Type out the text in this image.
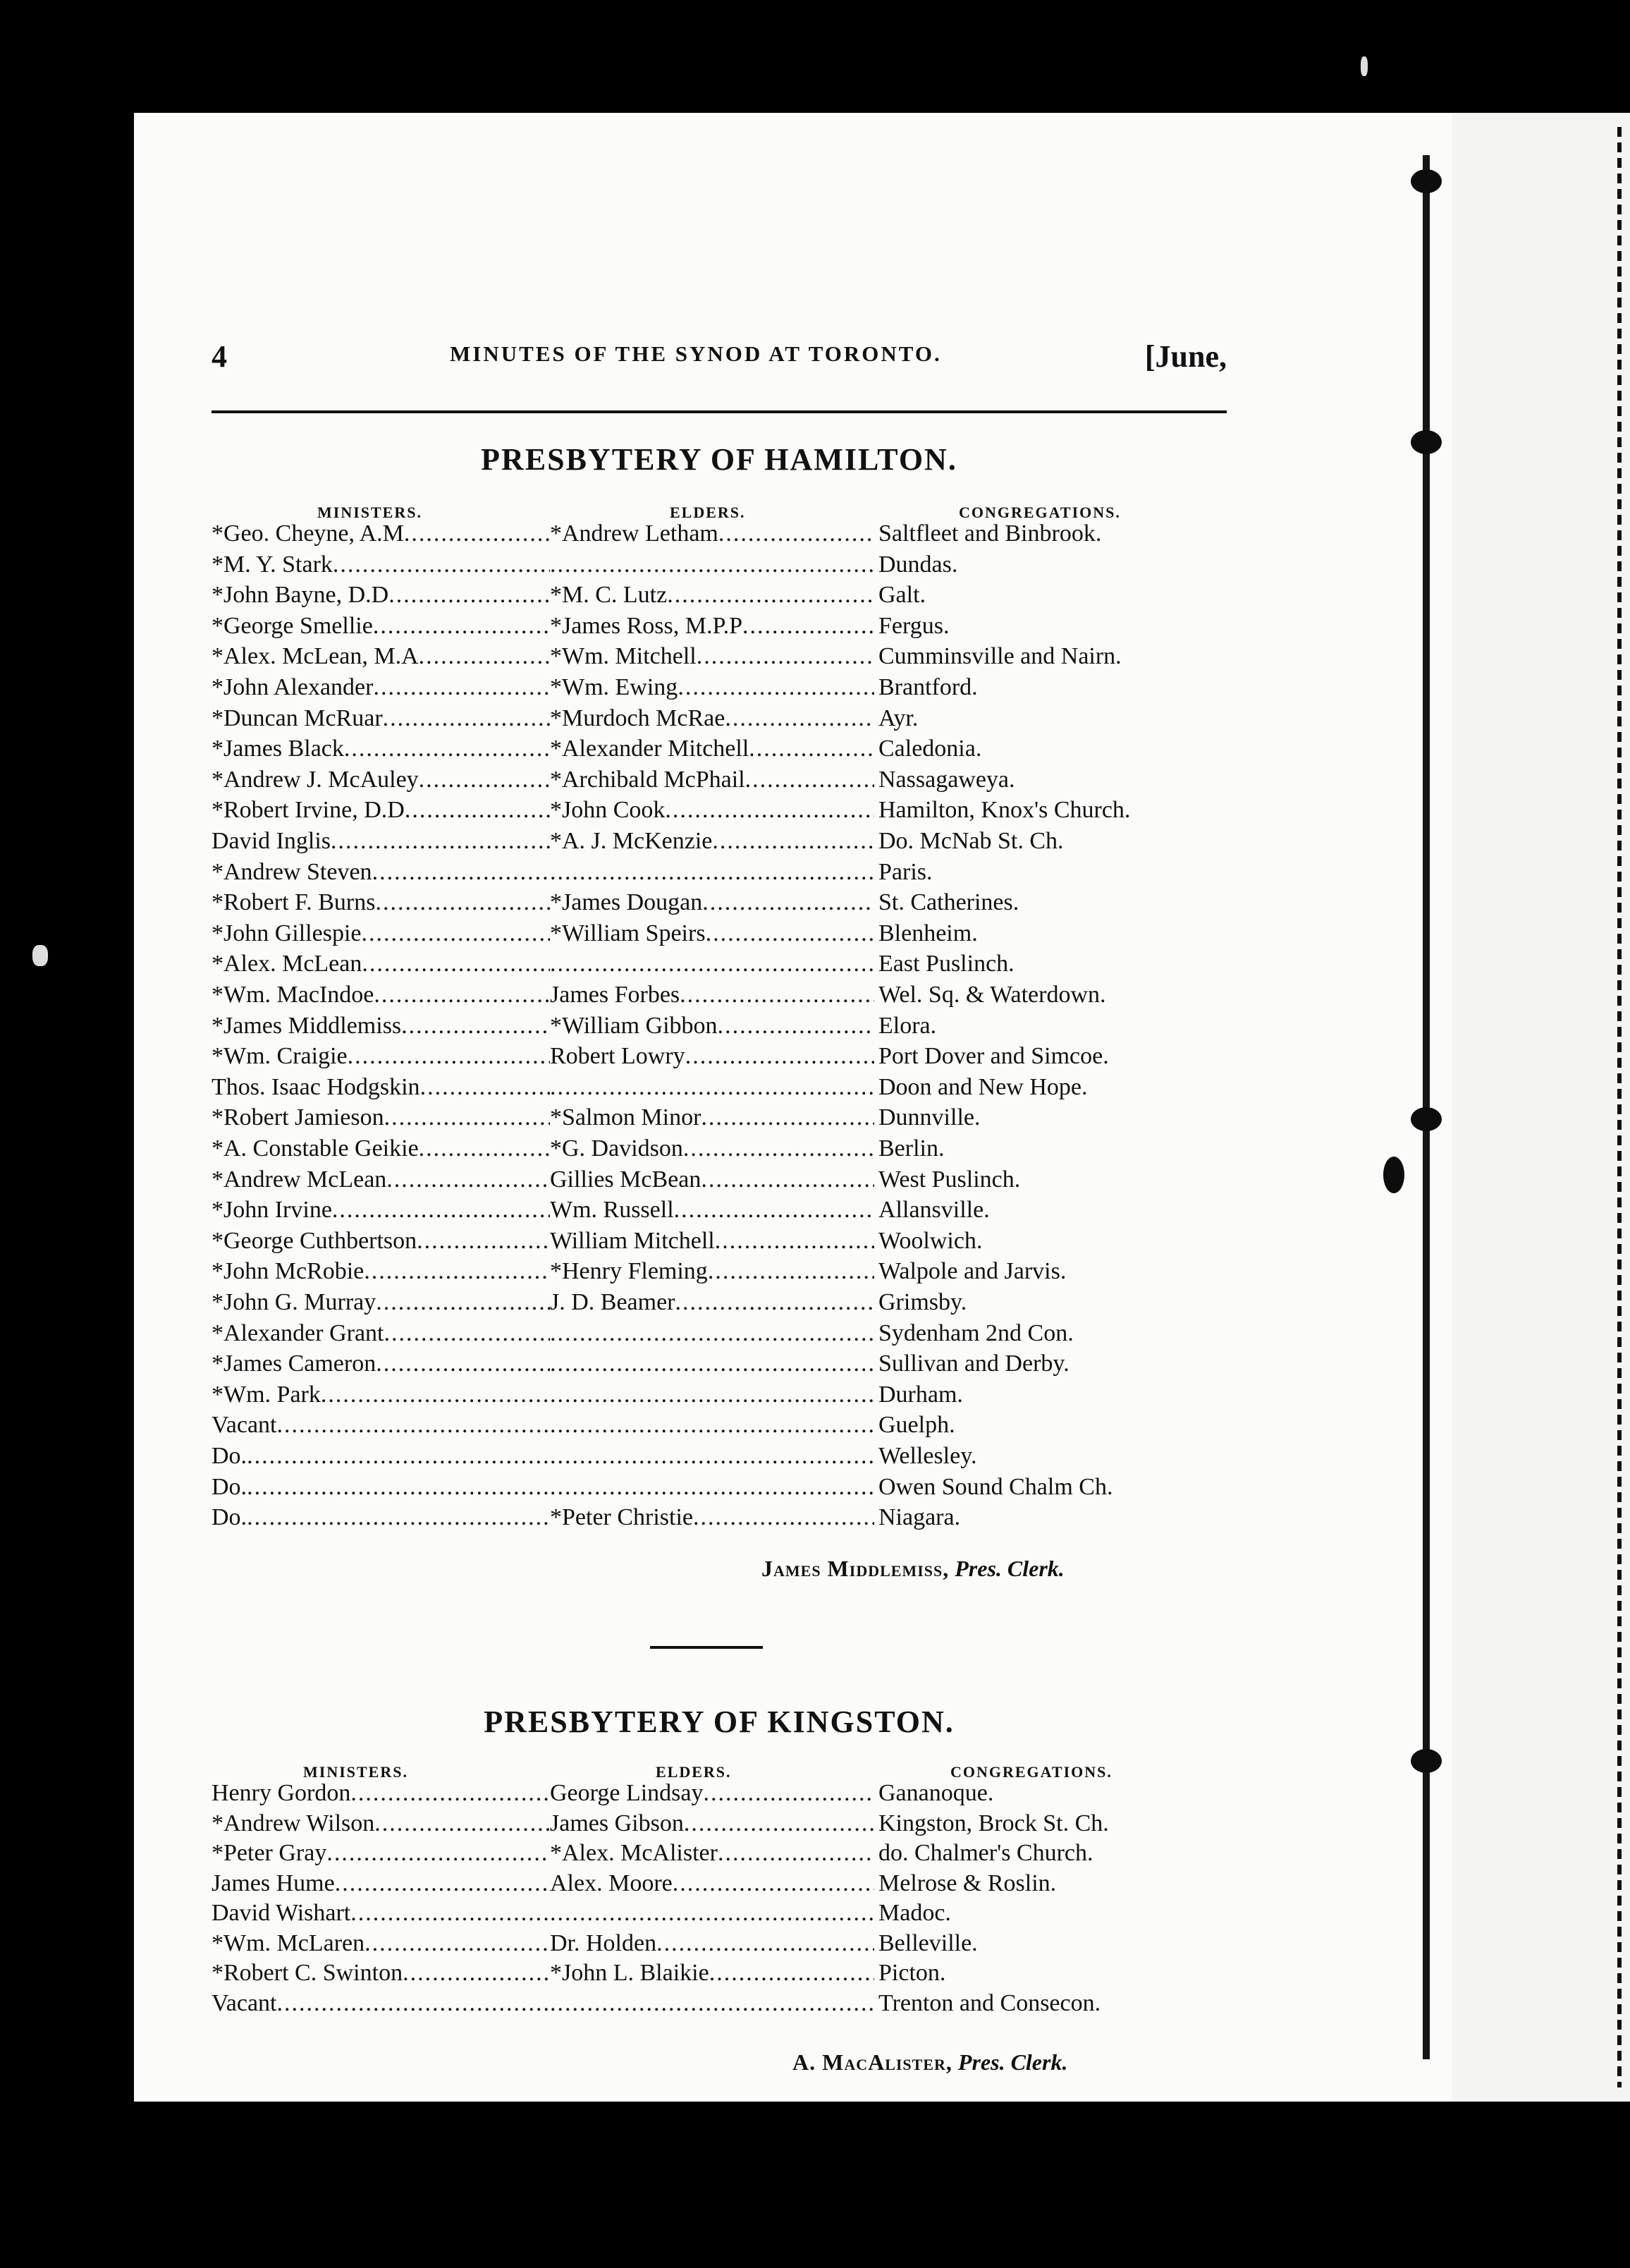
4	MINUTES OF THE SYNOD AT TORONTO.	[June,
PRESBYTERY OF HAMILTON.
MINISTERS.	ELDERS.	CONGREGATIONS.
*Geo. Cheyne, A.M .....	*Andrew Letham .....	Saltfleet and Binbrook.
*M. Y. Stark ..... .....	Dundas.
*John Bayne, D.D .....	*M. C. Lutz .....	Galt.
*George Smellie .....	*James Ross, M.P.P .....	Fergus.
*Alex. McLean, M.A .....	*Wm. Mitchell .....	Cumminsville and Nairn.
*John Alexander .....	*Wm. Ewing .....	Brantford.
*Duncan McRuar .....	*Murdoch McRae .....	Ayr.
*James Black .....	*Alexander Mitchell .....	Caledonia.
*Andrew J. McAuley .....	*Archibald McPhail .....	Nassagaweya.
*Robert Irvine, D.D .....	*John Cook .....	Hamilton, Knox's Church.
David Inglis .....	*A. J. McKenzie .....	Do. McNab St. Ch.
*Andrew Steven ..... .....	Paris.
*Robert F. Burns .....	*James Dougan .....	St. Catherines.
*John Gillespie .....	*William Speirs .....	Blenheim.
*Alex. McLean ..... .....	East Puslinch.
*Wm. MacIndoe .....	James Forbes .....	Wel. Sq. & Waterdown.
*James Middlemiss .....	*William Gibbon .....	Elora.
*Wm. Craigie .....	Robert Lowry .....	Port Dover and Simcoe.
Thos. Isaac Hodgskin ..... .....	Doon and New Hope.
*Robert Jamieson .....	*Salmon Minor .....	Dunnville.
*A. Constable Geikie .....	*G. Davidson .....	Berlin.
*Andrew McLean .....	Gillies McBean .....	West Puslinch.
*John Irvine .....	Wm. Russell .....	Allansville.
*George Cuthbertson .....	William Mitchell .....	Woolwich.
*John McRobie .....	*Henry Fleming .....	Walpole and Jarvis.
*John G. Murray .....	J. D. Beamer .....	Grimsby.
*Alexander Grant ..... .....	Sydenham 2nd Con.
*James Cameron ..... .....	Sullivan and Derby.
*Wm. Park ..... .....	Durham.
Vacant ..... .....	Guelph.
Do. ..... .....	Wellesley.
Do. ..... .....	Owen Sound Chalm Ch.
Do. .....	*Peter Christie .....	Niagara.
James Middlemiss, Pres. Clerk.
PRESBYTERY OF KINGSTON.
MINISTERS.	ELDERS.	CONGREGATIONS.
Henry Gordon .....	George Lindsay .....	Gananoque.
*Andrew Wilson .....	James Gibson .....	Kingston, Brock St. Ch.
*Peter Gray .....	*Alex. McAlister .....	do. Chalmer's Church.
James Hume .....	Alex. Moore .....	Melrose & Roslin.
David Wishart ..... .....	Madoc.
*Wm. McLaren .....	Dr. Holden .....	Belleville.
*Robert C. Swinton .....	*John L. Blaikie .....	Picton.
Vacant ..... .....	Trenton and Consecon.
A. MacAlister, Pres. Clerk.
